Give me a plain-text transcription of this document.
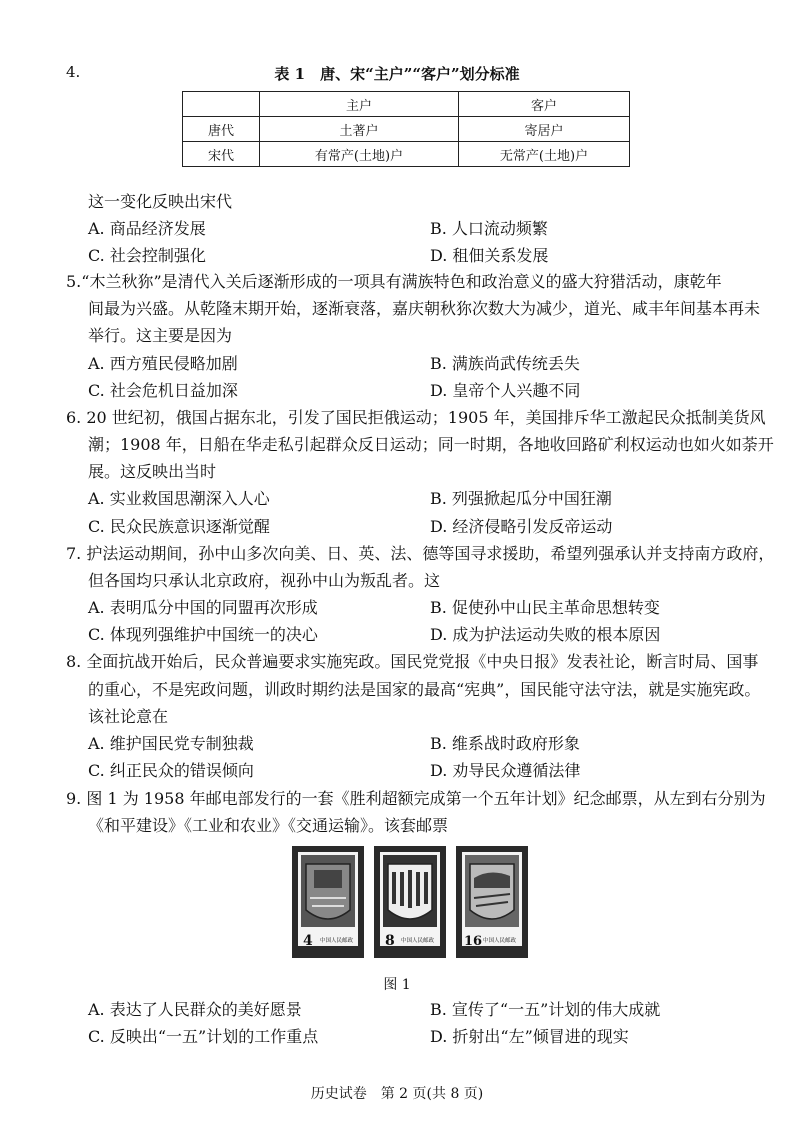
4.	表 1　唐、宋“主户”“客户”划分标准
	主户	客户
唐代	土著户	寄居户
宋代	有常产(土地)户	无常产(土地)户
这一变化反映出宋代
A. 商品经济发展	B. 人口流动频繁
C. 社会控制强化	D. 租佃关系发展
5.“木兰秋狝”是清代入关后逐渐形成的一项具有满族特色和政治意义的盛大狩猎活动，康乾年
间最为兴盛。从乾隆末期开始，逐渐衰落，嘉庆朝秋狝次数大为减少，道光、咸丰年间基本再未
举行。这主要是因为
A. 西方殖民侵略加剧	B. 满族尚武传统丢失
C. 社会危机日益加深	D. 皇帝个人兴趣不同
6. 20 世纪初，俄国占据东北，引发了国民拒俄运动；1905 年，美国排斥华工激起民众抵制美货风
潮；1908 年，日船在华走私引起群众反日运动；同一时期，各地收回路矿利权运动也如火如荼开
展。这反映出当时
A. 实业救国思潮深入人心	B. 列强掀起瓜分中国狂潮
C. 民众民族意识逐渐觉醒	D. 经济侵略引发反帝运动
7. 护法运动期间，孙中山多次向美、日、英、法、德等国寻求援助，希望列强承认并支持南方政府，
但各国均只承认北京政府，视孙中山为叛乱者。这
A. 表明瓜分中国的同盟再次形成	B. 促使孙中山民主革命思想转变
C. 体现列强维护中国统一的决心	D. 成为护法运动失败的根本原因
8. 全面抗战开始后，民众普遍要求实施宪政。国民党党报《中央日报》发表社论，断言时局、国事
的重心，不是宪政问题，训政时期约法是国家的最高“宪典”，国民能守法守法，就是实施宪政。
该社论意在
A. 维护国民党专制独裁	B. 维系战时政府形象
C. 纠正民众的错误倾向	D. 劝导民众遵循法律
9. 图 1 为 1958 年邮电部发行的一套《胜利超额完成第一个五年计划》纪念邮票，从左到右分别为
《和平建设》《工业和农业》《交通运输》。该套邮票
4 中国人民邮政 8 中国人民邮政 16 中国人民邮政
图 1
A. 表达了人民群众的美好愿景	B. 宣传了“一五”计划的伟大成就
C. 反映出“一五”计划的工作重点	D. 折射出“左”倾冒进的现实
历史试卷　第 2 页(共 8 页)
